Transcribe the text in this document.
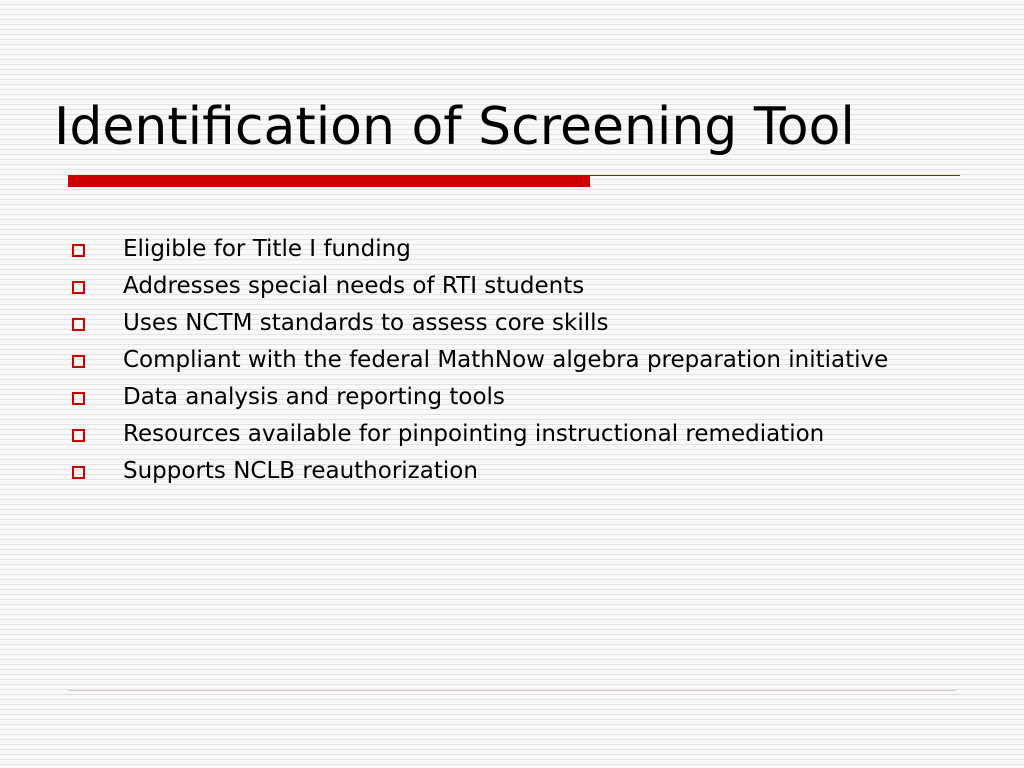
Identification of Screening Tool
Eligible for Title I funding
Addresses special needs of RTI students
Uses NCTM standards to assess core skills
Compliant with the federal MathNow algebra preparation initiative
Data analysis and reporting tools
Resources available for pinpointing instructional remediation
Supports NCLB reauthorization
